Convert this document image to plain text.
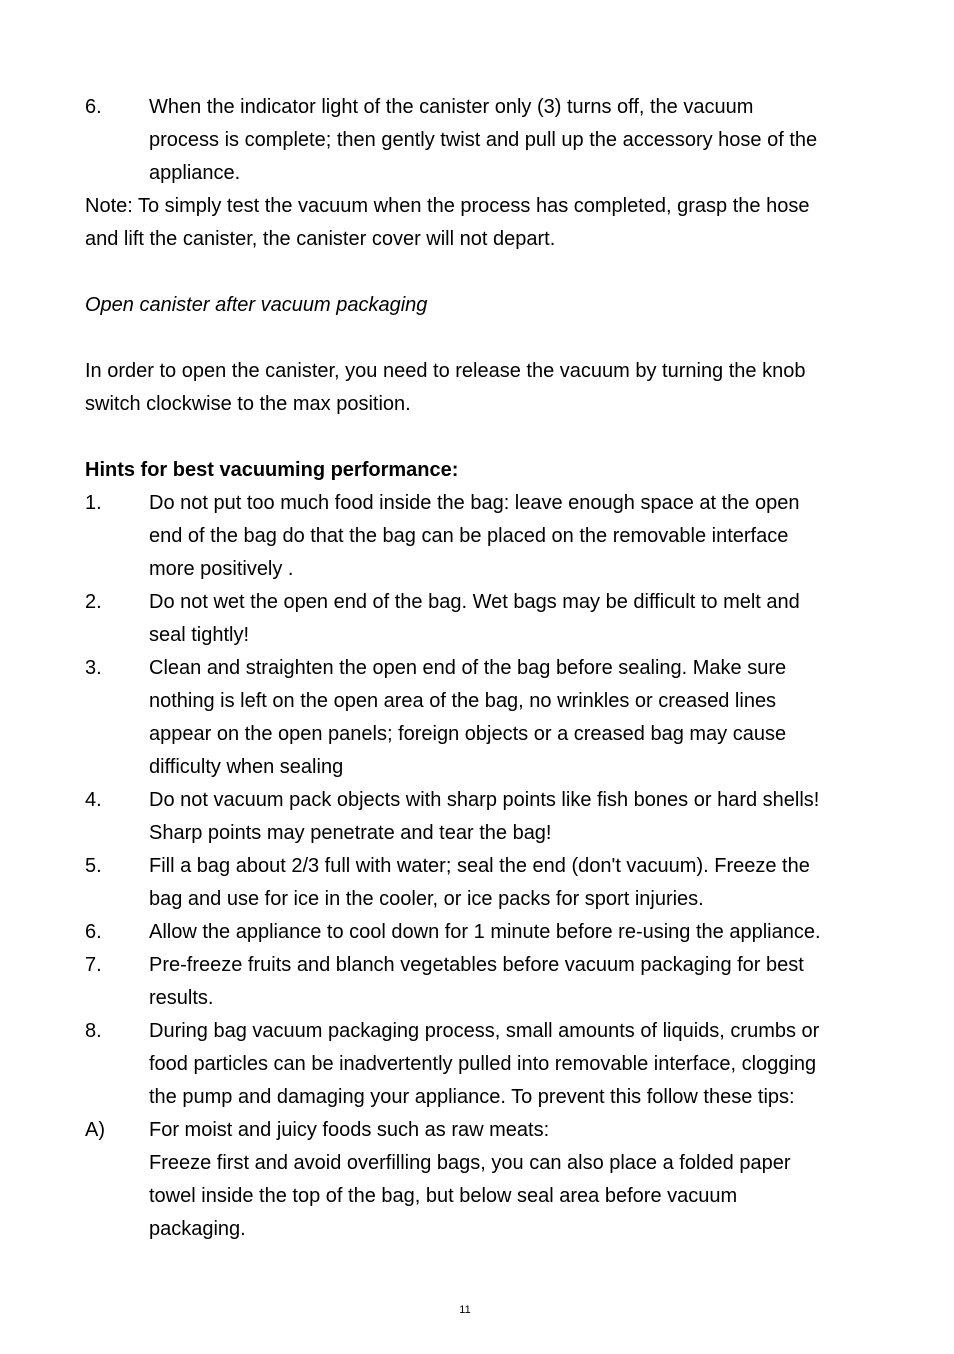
6.	When the indicator light of the canister only (3) turns off, the vacuum
process is complete; then gently twist and pull up the accessory hose of the
appliance.
Note: To simply test the vacuum when the process has completed, grasp the hose
and lift the canister, the canister cover will not depart.
Open canister after vacuum packaging
In order to open the canister, you need to release the vacuum by turning the knob
switch clockwise to the max position.
Hints for best vacuuming performance:
1.	Do not put too much food inside the bag: leave enough space at the open
end of the bag do that the bag can be placed on the removable interface
more positively .
2.	Do not wet the open end of the bag. Wet bags may be difficult to melt and
seal tightly!
3.	Clean and straighten the open end of the bag before sealing. Make sure
nothing is left on the open area of the bag, no wrinkles or creased lines
appear on the open panels; foreign objects or a creased bag may cause
difficulty when sealing
4.	Do not vacuum pack objects with sharp points like fish bones or hard shells!
Sharp points may penetrate and tear the bag!
5.	Fill a bag about 2/3 full with water; seal the end (don't vacuum). Freeze the
bag and use for ice in the cooler, or ice packs for sport injuries.
6.	Allow the appliance to cool down for 1 minute before re-using the appliance.
7.	Pre-freeze fruits and blanch vegetables before vacuum packaging for best
results.
8.	During bag vacuum packaging process, small amounts of liquids, crumbs or
food particles can be inadvertently pulled into removable interface, clogging
the pump and damaging your appliance. To prevent this follow these tips:
A)	For moist and juicy foods such as raw meats:
Freeze first and avoid overfilling bags, you can also place a folded paper
towel inside the top of the bag, but below seal area before vacuum
packaging.
11
